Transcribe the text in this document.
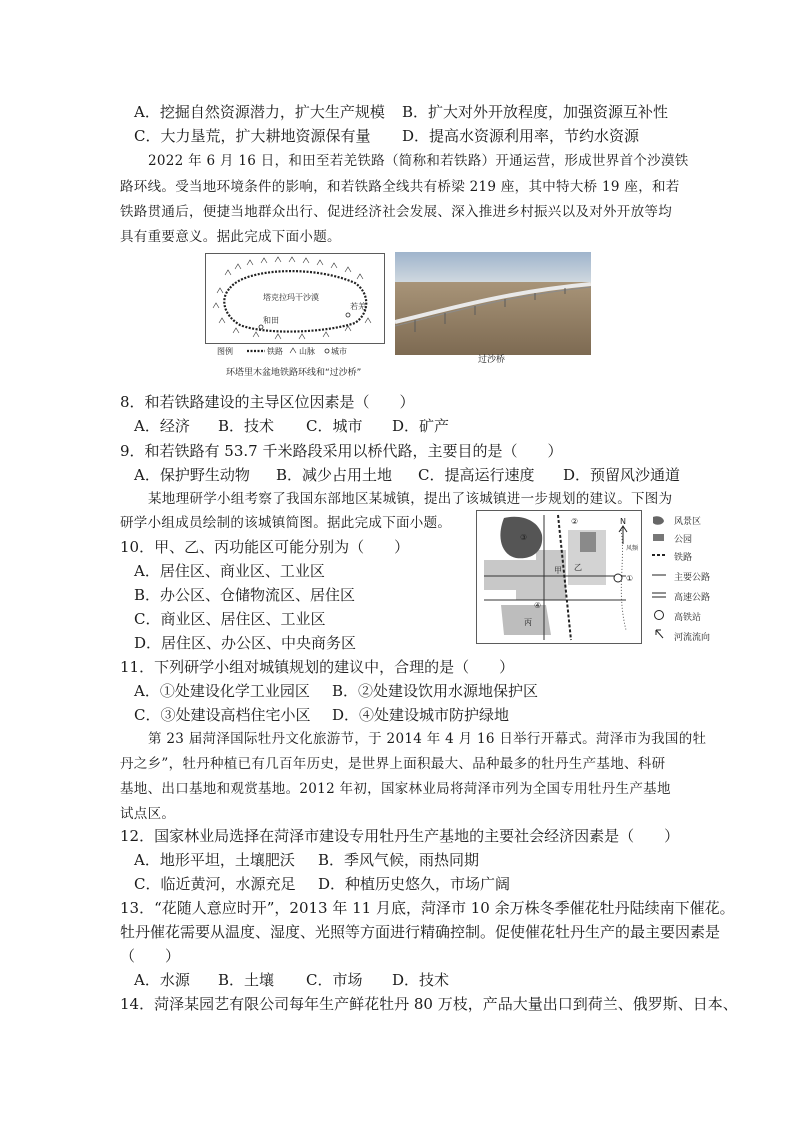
A．挖掘自然资源潜力，扩大生产规模 B．扩大对外开放程度，加强资源互补性
C．大力垦荒，扩大耕地资源保有量 D．提高水资源利用率，节约水资源
2022 年 6 月 16 日，和田至若羌铁路（简称和若铁路）开通运营，形成世界首个沙漠铁
路环线。受当地环境条件的影响，和若铁路全线共有桥梁 219 座，其中特大桥 19 座，和若
铁路贯通后，便捷当地群众出行、促进经济社会发展、深入推进乡村振兴以及对外开放等均
具有重要意义。据此完成下面小题。
塔克拉玛干沙漠
若羌
和田
图例	铁路 山脉 城市
环塔里木盆地铁路环线和“过沙桥”
过沙桥
8．和若铁路建设的主导区位因素是（　　）
A．经济 B．技术 C．城市 D．矿产
9．和若铁路有 53.7 千米路段采用以桥代路，主要目的是（　　）
A．保护野生动物 B．减少占用土地 C．提高运行速度 D．预留风沙通道
某地理研学小组考察了我国东部地区某城镇，提出了该城镇进一步规划的建议。下图为
研学小组成员绘制的该城镇简图。据此完成下面小题。
甲 乙
丙
①
②
③
④
N
风频
风景区
公园
铁路
主要公路
高速公路
高铁站
河流流向
10．甲、乙、丙功能区可能分别为（　　）
A．居住区、商业区、工业区
B．办公区、仓储物流区、居住区
C．商业区、居住区、工业区
D．居住区、办公区、中央商务区
11．下列研学小组对城镇规划的建议中，合理的是（　　）
A．①处建设化学工业园区 B．②处建设饮用水源地保护区
C．③处建设高档住宅小区 D．④处建设城市防护绿地
第 23 届菏泽国际牡丹文化旅游节，于 2014 年 4 月 16 日举行开幕式。菏泽市为我国的牡
丹之乡”，牡丹种植已有几百年历史，是世界上面积最大、品种最多的牡丹生产基地、科研
基地、出口基地和观赏基地。2012 年初，国家林业局将菏泽市列为全国专用牡丹生产基地
试点区。
12．国家林业局选择在菏泽市建设专用牡丹生产基地的主要社会经济因素是（　　）
A．地形平坦，土壤肥沃 B．季风气候，雨热同期
C．临近黄河，水源充足 D．种植历史悠久，市场广阔
13．“花随人意应时开”，2013 年 11 月底，菏泽市 10 余万株冬季催花牡丹陆续南下催花。
牡丹催花需要从温度、湿度、光照等方面进行精确控制。促使催花牡丹生产的最主要因素是
（　　）
A．水源 B．土壤 C．市场 D．技术
14．菏泽某园艺有限公司每年生产鲜花牡丹 80 万枝，产品大量出口到荷兰、俄罗斯、日本、
